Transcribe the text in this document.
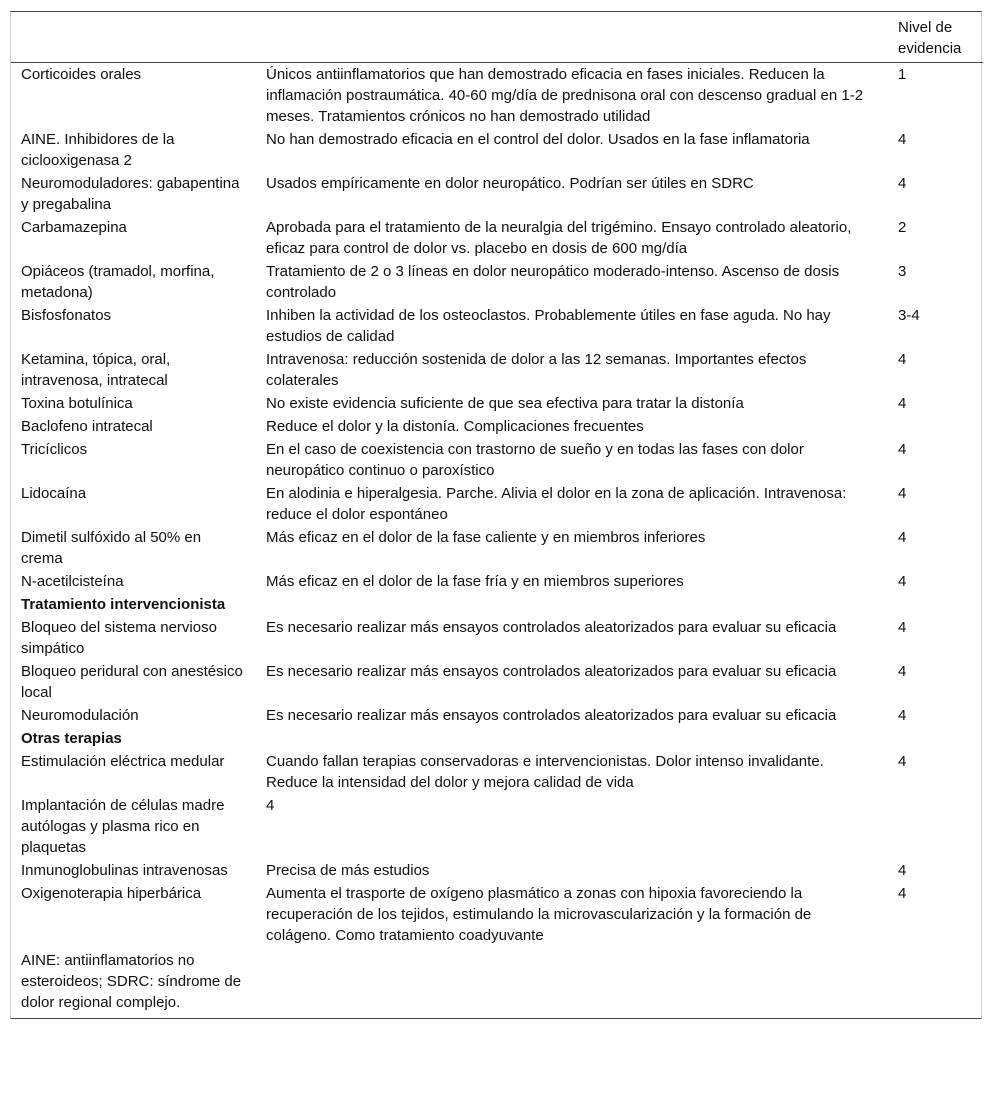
		Nivel de evidencia
Corticoides orales	Únicos antiinflamatorios que han demostrado eficacia en fases iniciales. Reducen la inflamación postraumática. 40-60 mg/día de prednisona oral con descenso gradual en 1-2 meses. Tratamientos crónicos no han demostrado utilidad	1
AINE. Inhibidores de la ciclooxigenasa 2	No han demostrado eficacia en el control del dolor. Usados en la fase inflamatoria	4
Neuromoduladores: gabapentina y pregabalina	Usados empíricamente en dolor neuropático. Podrían ser útiles en SDRC	4
Carbamazepina	Aprobada para el tratamiento de la neuralgia del trigémino. Ensayo controlado aleatorio, eficaz para control de dolor vs. placebo en dosis de 600 mg/día	2
Opiáceos (tramadol, morfina, metadona)	Tratamiento de 2 o 3 líneas en dolor neuropático moderado-intenso. Ascenso de dosis controlado	3
Bisfosfonatos	Inhiben la actividad de los osteoclastos. Probablemente útiles en fase aguda. No hay estudios de calidad	3-4
Ketamina, tópica, oral, intravenosa, intratecal	Intravenosa: reducción sostenida de dolor a las 12 semanas. Importantes efectos colaterales	4
Toxina botulínica	No existe evidencia suficiente de que sea efectiva para tratar la distonía	4
Baclofeno intratecal	Reduce el dolor y la distonía. Complicaciones frecuentes	
Tricíclicos	En el caso de coexistencia con trastorno de sueño y en todas las fases con dolor neuropático continuo o paroxístico	4
Lidocaína	En alodinia e hiperalgesia. Parche. Alivia el dolor en la zona de aplicación. Intravenosa: reduce el dolor espontáneo	4
Dimetil sulfóxido al 50% en crema	Más eficaz en el dolor de la fase caliente y en miembros inferiores	4
N-acetilcisteína	Más eficaz en el dolor de la fase fría y en miembros superiores	4
Tratamiento intervencionista		
Bloqueo del sistema nervioso simpático	Es necesario realizar más ensayos controlados aleatorizados para evaluar su eficacia	4
Bloqueo peridural con anestésico local	Es necesario realizar más ensayos controlados aleatorizados para evaluar su eficacia	4
Neuromodulación	Es necesario realizar más ensayos controlados aleatorizados para evaluar su eficacia	4

Otras terapias		
Estimulación eléctrica medular	Cuando fallan terapias conservadoras e intervencionistas. Dolor intenso invalidante. Reduce la intensidad del dolor y mejora calidad de vida	4
Implantación de células madre autólogas y plasma rico en plaquetas	4	
Inmunoglobulinas intravenosas	Precisa de más estudios	4
Oxigenoterapia hiperbárica	Aumenta el trasporte de oxígeno plasmático a zonas con hipoxia favoreciendo la recuperación de los tejidos, estimulando la microvascularización y la formación de colágeno. Como tratamiento coadyuvante	4
AINE: antiinflamatorios no esteroideos; SDRC: síndrome de dolor regional complejo.		
